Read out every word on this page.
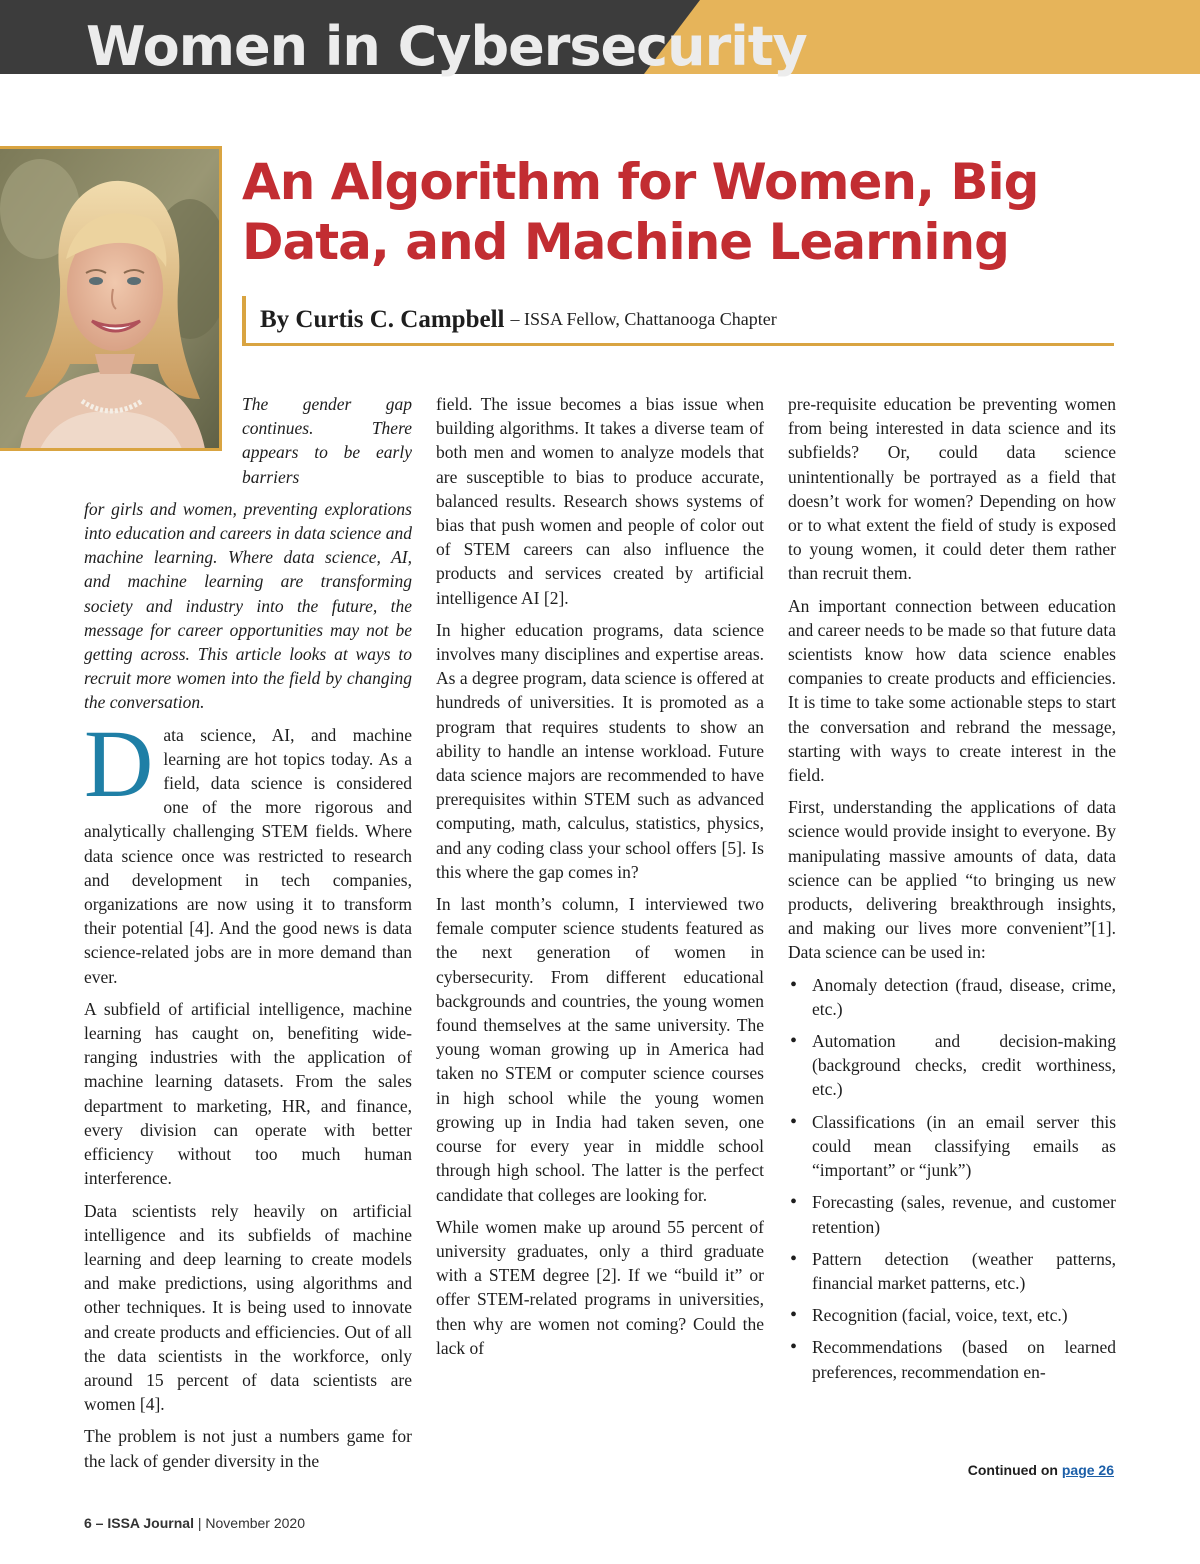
Women in Cybersecurity
An Algorithm for Women, Big Data, and Machine Learning
By Curtis C. Campbell – ISSA Fellow, Chattanooga Chapter

The gender gap continues. There appears to be early barriers

for girls and women, preventing explorations into education and careers in data science and machine learning. Where data science, AI, and machine learning are transforming society and industry into the future, the message for career opportunities may not be getting across. This article looks at ways to recruit more women into the field by changing the conversation.

Data science, AI, and machine learning are hot topics today. As a field, data science is considered one of the more rigorous and analytically challenging STEM fields. Where data science once was restricted to research and development in tech companies, organizations are now using it to transform their potential [4]. And the good news is data science-related jobs are in more demand than ever.

A subfield of artificial intelligence, machine learning has caught on, benefiting wide-ranging industries with the application of machine learning datasets. From the sales department to marketing, HR, and finance, every division can operate with better efficiency without too much human interference.

Data scientists rely heavily on artificial intelligence and its subfields of machine learning and deep learning to create models and make predictions, using algorithms and other techniques. It is being used to innovate and create products and efficiencies. Out of all the data scientists in the workforce, only around 15 percent of data scientists are women [4].

The problem is not just a numbers game for the lack of gender diversity in the

field. The issue becomes a bias issue when building algorithms. It takes a diverse team of both men and women to analyze models that are susceptible to bias to produce accurate, balanced results. Research shows systems of bias that push women and people of color out of STEM careers can also influence the products and services created by artificial intelligence AI [2].

In higher education programs, data science involves many disciplines and expertise areas. As a degree program, data science is offered at hundreds of universities. It is promoted as a program that requires students to show an ability to handle an intense workload. Future data science majors are recommended to have prerequisites within STEM such as advanced computing, math, calculus, statistics, physics, and any coding class your school offers [5]. Is this where the gap comes in?

In last month’s column, I interviewed two female computer science students featured as the next generation of women in cybersecurity. From different educational backgrounds and countries, the young women found themselves at the same university. The young woman growing up in America had taken no STEM or computer science courses in high school while the young women growing up in India had taken seven, one course for every year in middle school through high school. The latter is the perfect candidate that colleges are looking for.

While women make up around 55 percent of university graduates, only a third graduate with a STEM degree [2]. If we “build it” or offer STEM-related programs in universities, then why are women not coming? Could the lack of

pre-requisite education be preventing women from being interested in data science and its subfields? Or, could data science unintentionally be portrayed as a field that doesn’t work for women? Depending on how or to what extent the field of study is exposed to young women, it could deter them rather than recruit them.

An important connection between education and career needs to be made so that future data scientists know how data science enables companies to create products and efficiencies. It is time to take some actionable steps to start the conversation and rebrand the message, starting with ways to create interest in the field.

First, understanding the applications of data science would provide insight to everyone. By manipulating massive amounts of data, data science can be applied “to bringing us new products, delivering breakthrough insights, and making our lives more convenient”[1]. Data science can be used in:

• Anomaly detection (fraud, disease, crime, etc.)
• Automation and decision-making (background checks, credit worthiness, etc.)
• Classifications (in an email server this could mean classifying emails as “important” or “junk”)
• Forecasting (sales, revenue, and customer retention)
• Pattern detection (weather patterns, financial market patterns, etc.)
• Recognition (facial, voice, text, etc.)
• Recommendations (based on learned preferences, recommendation en-
Continued on page 26
6 – ISSA Journal | November 2020
